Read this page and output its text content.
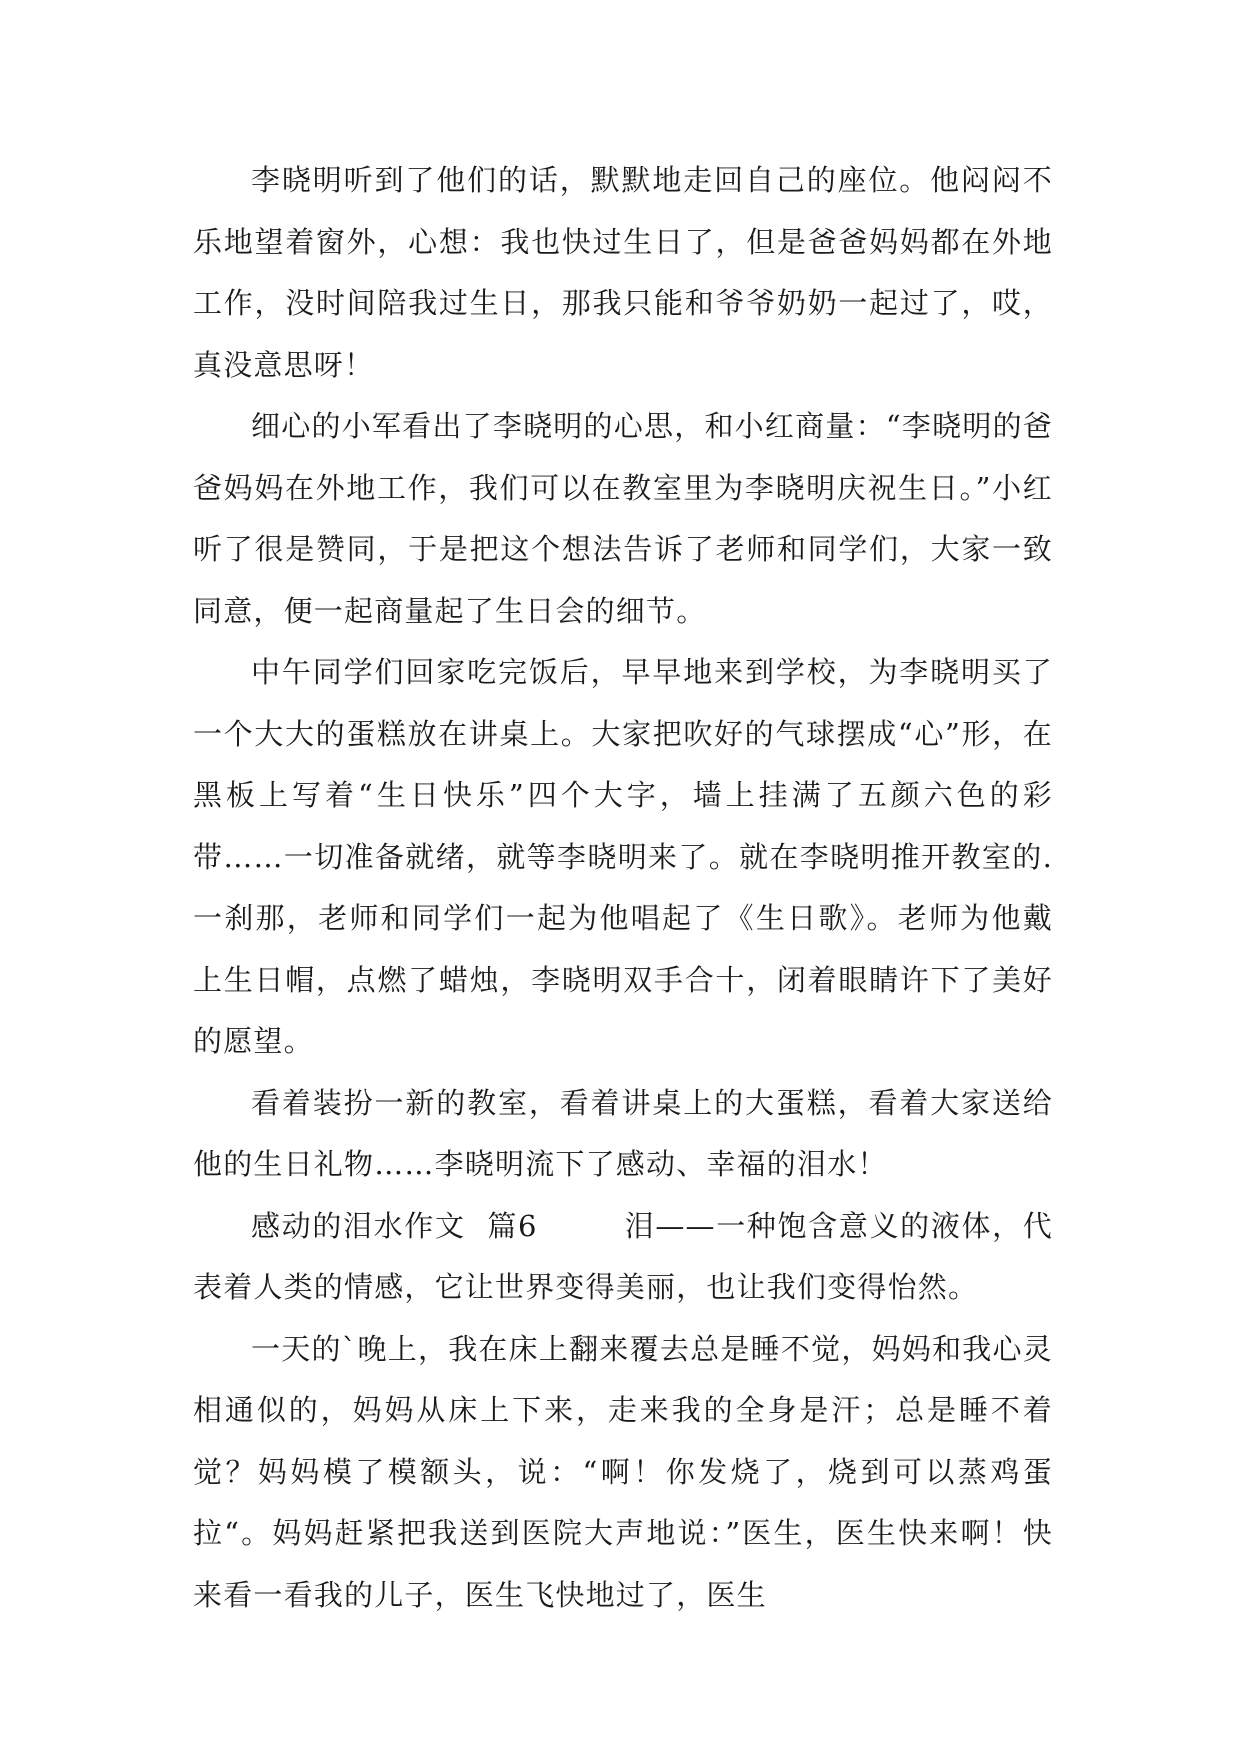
李晓明听到了他们的话，默默地走回自己的座位。他闷闷不乐地望着窗外，心想：我也快过生日了，但是爸爸妈妈都在外地工作，没时间陪我过生日，那我只能和爷爷奶奶一起过了，哎，真没意思呀！

细心的小军看出了李晓明的心思，和小红商量：“李晓明的爸爸妈妈在外地工作，我们可以在教室里为李晓明庆祝生日。”小红听了很是赞同，于是把这个想法告诉了老师和同学们，大家一致同意，便一起商量起了生日会的细节。

中午同学们回家吃完饭后，早早地来到学校，为李晓明买了一个大大的蛋糕放在讲桌上。大家把吹好的气球摆成“心”形，在黑板上写着“生日快乐”四个大字，墙上挂满了五颜六色的彩带……一切准备就绪，就等李晓明来了。就在李晓明推开教室的.一刹那，老师和同学们一起为他唱起了《生日歌》。老师为他戴上生日帽，点燃了蜡烛，李晓明双手合十，闭着眼睛许下了美好的愿望。

看着装扮一新的教室，看着讲桌上的大蛋糕，看着大家送给他的生日礼物……李晓明流下了感动、幸福的泪水！

感动的泪水作文  篇6        泪——一种饱含意义的液体，代表着人类的情感，它让世界变得美丽，也让我们变得怡然。

一天的`晚上，我在床上翻来覆去总是睡不觉，妈妈和我心灵相通似的，妈妈从床上下来，走来我的全身是汗；总是睡不着觉？妈妈模了模额头，说：“啊！你发烧了，烧到可以蒸鸡蛋拉“。妈妈赶紧把我送到医院大声地说：”医生，医生快来啊！快来看一看我的儿子，医生飞快地过了，医生
